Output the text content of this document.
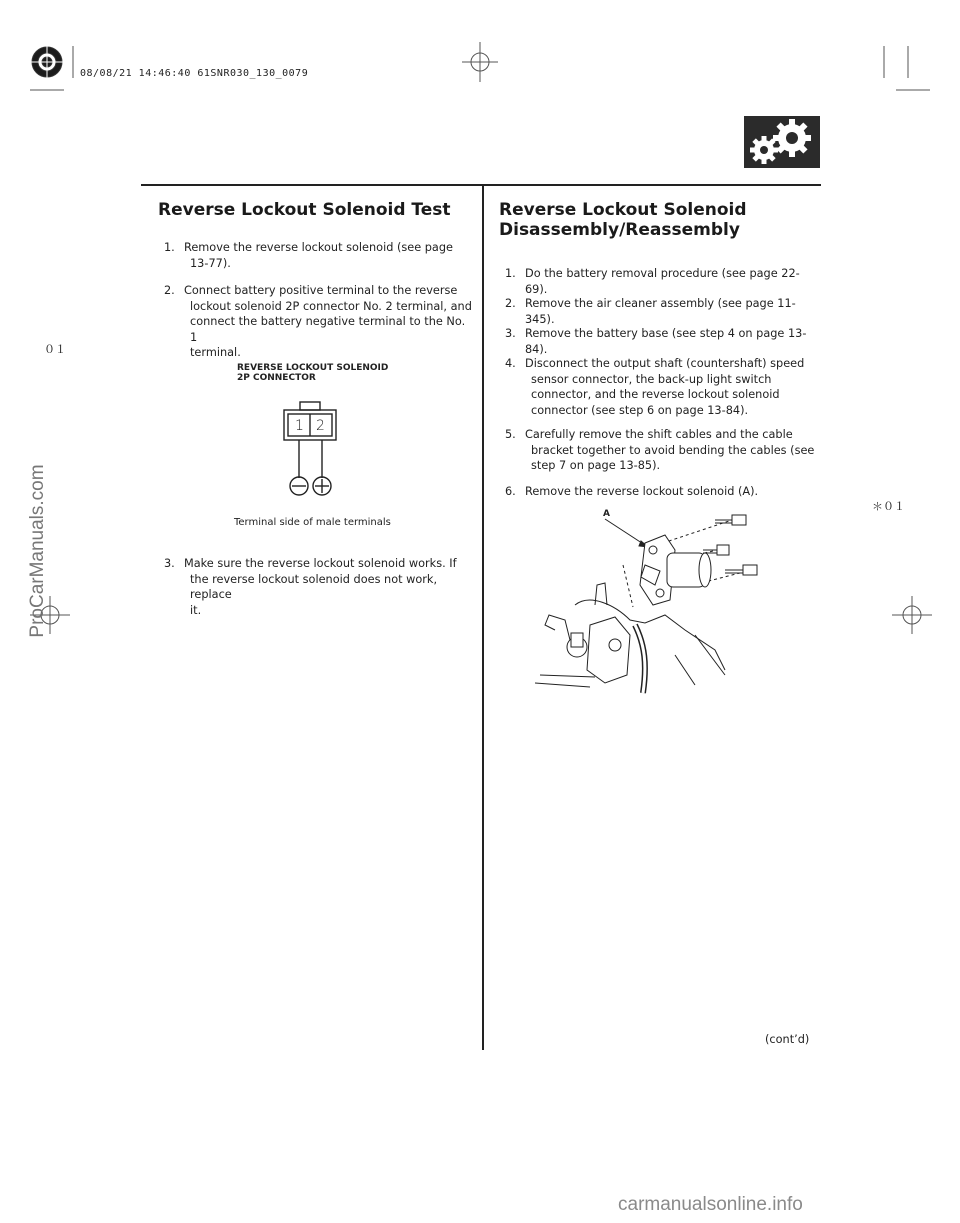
08/08/21 14:46:40 61SNR030_130_0079
Reverse Lockout Solenoid Test
1. Remove the reverse lockout solenoid (see page
13-77).
2. Connect battery positive terminal to the reverse
lockout solenoid 2P connector No. 2 terminal, and
connect the battery negative terminal to the No. 1
terminal.
REVERSE LOCKOUT SOLENOID
2P CONNECTOR
1 2
Terminal side of male terminals
3. Make sure the reverse lockout solenoid works. If
the reverse lockout solenoid does not work, replace
it.
Reverse Lockout Solenoid
Disassembly/Reassembly
1. Do the battery removal procedure (see page 22-69).
2. Remove the air cleaner assembly (see page 11-345).
3. Remove the battery base (see step 4 on page 13-84).
4. Disconnect the output shaft (countershaft) speed
sensor connector, the back-up light switch
connector, and the reverse lockout solenoid
connector (see step 6 on page 13-84).
5. Carefully remove the shift cables and the cable
bracket together to avoid bending the cables (see
step 7 on page 13-85).
6. Remove the reverse lockout solenoid (A).
A
(cont’d)
０１
＊０１
ProCarManuals.com
carmanualsonline.info
